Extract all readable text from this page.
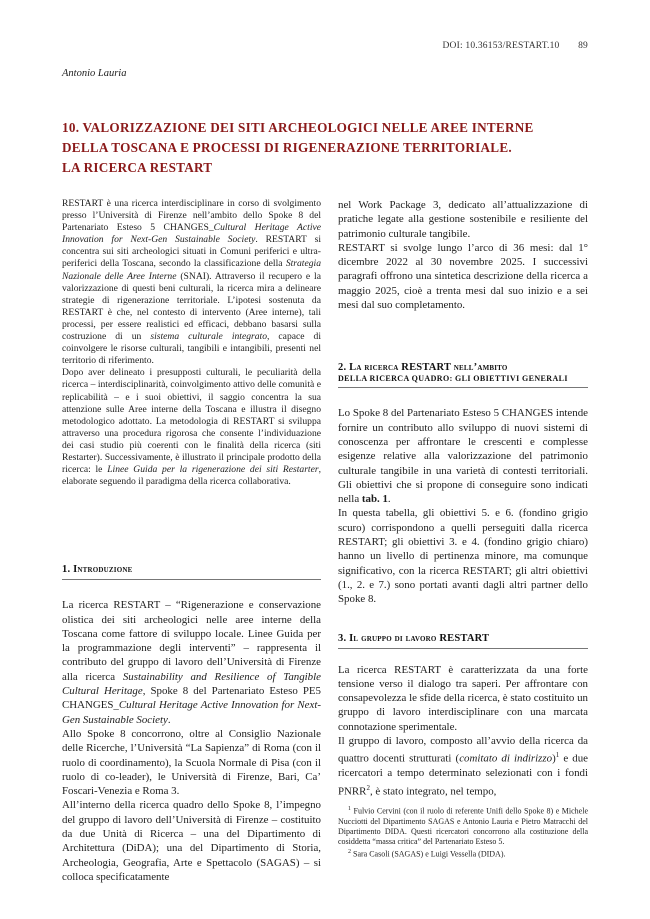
DOI: 10.36153/RESTART.10 89
Antonio Lauria
10. VALORIZZAZIONE DEI SITI ARCHEOLOGICI NELLE AREE INTERNE
DELLA TOSCANA E PROCESSI DI RIGENERAZIONE TERRITORIALE.
LA RICERCA RESTART

RESTART è una ricerca interdisciplinare in corso di svolgimento presso l’Università di Firenze nell’ambito dello Spoke 8 del Partenariato Esteso 5 CHANGES_Cultural Heritage Active Innovation for Next-Gen Sustainable Society. RESTART si concentra sui siti archeologici situati in Comuni periferici e ultra-periferici della Toscana, secondo la classificazione della Strategia Nazionale delle Aree Interne (SNAI). Attraverso il recupero e la valorizzazione di questi beni culturali, la ricerca mira a delineare strategie di rigenerazione territoriale. L’ipotesi sostenuta da RESTART è che, nel contesto di intervento (Aree interne), tali processi, per essere realistici ed efficaci, debbano basarsi sulla costruzione di un sistema culturale integrato, capace di coinvolgere le risorse culturali, tangibili e intangibili, presenti nel territorio di riferimento.

Dopo aver delineato i presupposti culturali, le peculiarità della ricerca – interdisciplinarità, coinvolgimento attivo delle comunità e replicabilità – e i suoi obiettivi, il saggio concentra la sua attenzione sulle Aree interne della Toscana e illustra il disegno metodologico adottato. La metodologia di RESTART si sviluppa attraverso una procedura rigorosa che consente l’individuazione dei casi studio più coerenti con le finalità della ricerca (siti Restarter). Successivamente, è illustrato il principale prodotto della ricerca: le Linee Guida per la rigenerazione dei siti Restarter, elaborate seguendo il paradigma della ricerca collaborativa.

1. Introduzione

La ricerca RESTART – “Rigenerazione e conservazione olistica dei siti archeologici nelle aree interne della Toscana come fattore di sviluppo locale. Linee Guida per la programmazione degli interventi” – rappresenta il contributo del gruppo di lavoro dell’Università di Firenze alla ricerca Sustainability and Resilience of Tangible Cultural Heritage, Spoke 8 del Partenariato Esteso PE5 CHANGES_Cultural Heritage Active Innovation for Next-Gen Sustainable Society.

Allo Spoke 8 concorrono, oltre al Consiglio Nazionale delle Ricerche, l’Università “La Sapienza” di Roma (con il ruolo di coordinamento), la Scuola Normale di Pisa (con il ruolo di co-leader), le Università di Firenze, Bari, Ca’ Foscari-Venezia e Roma 3.

All’interno della ricerca quadro dello Spoke 8, l’impegno del gruppo di lavoro dell’Università di Firenze – costituito da due Unità di Ricerca – una del Dipartimento di Architettura (DiDA); una del Dipartimento di Storia, Archeologia, Geografia, Arte e Spettacolo (SAGAS) – si colloca specificatamente

nel Work Package 3, dedicato all’attualizzazione di pratiche legate alla gestione sostenibile e resiliente del patrimonio culturale tangibile.

RESTART si svolge lungo l’arco di 36 mesi: dal 1° dicembre 2022 al 30 novembre 2025. I successivi paragrafi offrono una sintetica descrizione della ricerca a maggio 2025, cioè a trenta mesi dal suo inizio e a sei mesi dal suo completamento.

2. La ricerca RESTART nell’ambito
DELLA RICERCA QUADRO: GLI OBIETTIVI GENERALI

Lo Spoke 8 del Partenariato Esteso 5 CHANGES intende fornire un contributo allo sviluppo di nuovi sistemi di conoscenza per affrontare le crescenti e complesse esigenze relative alla valorizzazione del patrimonio culturale tangibile in una varietà di contesti territoriali. Gli obiettivi che si propone di conseguire sono indicati nella tab. 1.

In questa tabella, gli obiettivi 5. e 6. (fondino grigio scuro) corrispondono a quelli perseguiti dalla ricerca RESTART; gli obiettivi 3. e 4. (fondino grigio chiaro) hanno un livello di pertinenza minore, ma comunque significativo, con la ricerca RESTART; gli altri obiettivi (1., 2. e 7.) sono portati avanti dagli altri partner dello Spoke 8.

3. Il gruppo di lavoro RESTART

La ricerca RESTART è caratterizzata da una forte tensione verso il dialogo tra saperi. Per affrontare con consapevolezza le sfide della ricerca, è stato costituito un gruppo di lavoro interdisciplinare con una marcata connotazione sperimentale.

Il gruppo di lavoro, composto all’avvio della ricerca da quattro docenti strutturati (comitato di indirizzo)$^1$ e due ricercatori a tempo determinato selezionati con i fondi PNRR$^2$, è stato integrato, nel tempo,

$^1$ Fulvio Cervini (con il ruolo di referente Unifi dello Spoke 8) e Michele Nucciotti del Dipartimento SAGAS e Antonio Lauria e Pietro Matracchi del Dipartimento DIDA. Questi ricercatori concorrono alla costituzione della cosiddetta “massa critica” del Partenariato Esteso 5.

$^2$ Sara Casoli (SAGAS) e Luigi Vessella (DIDA).
